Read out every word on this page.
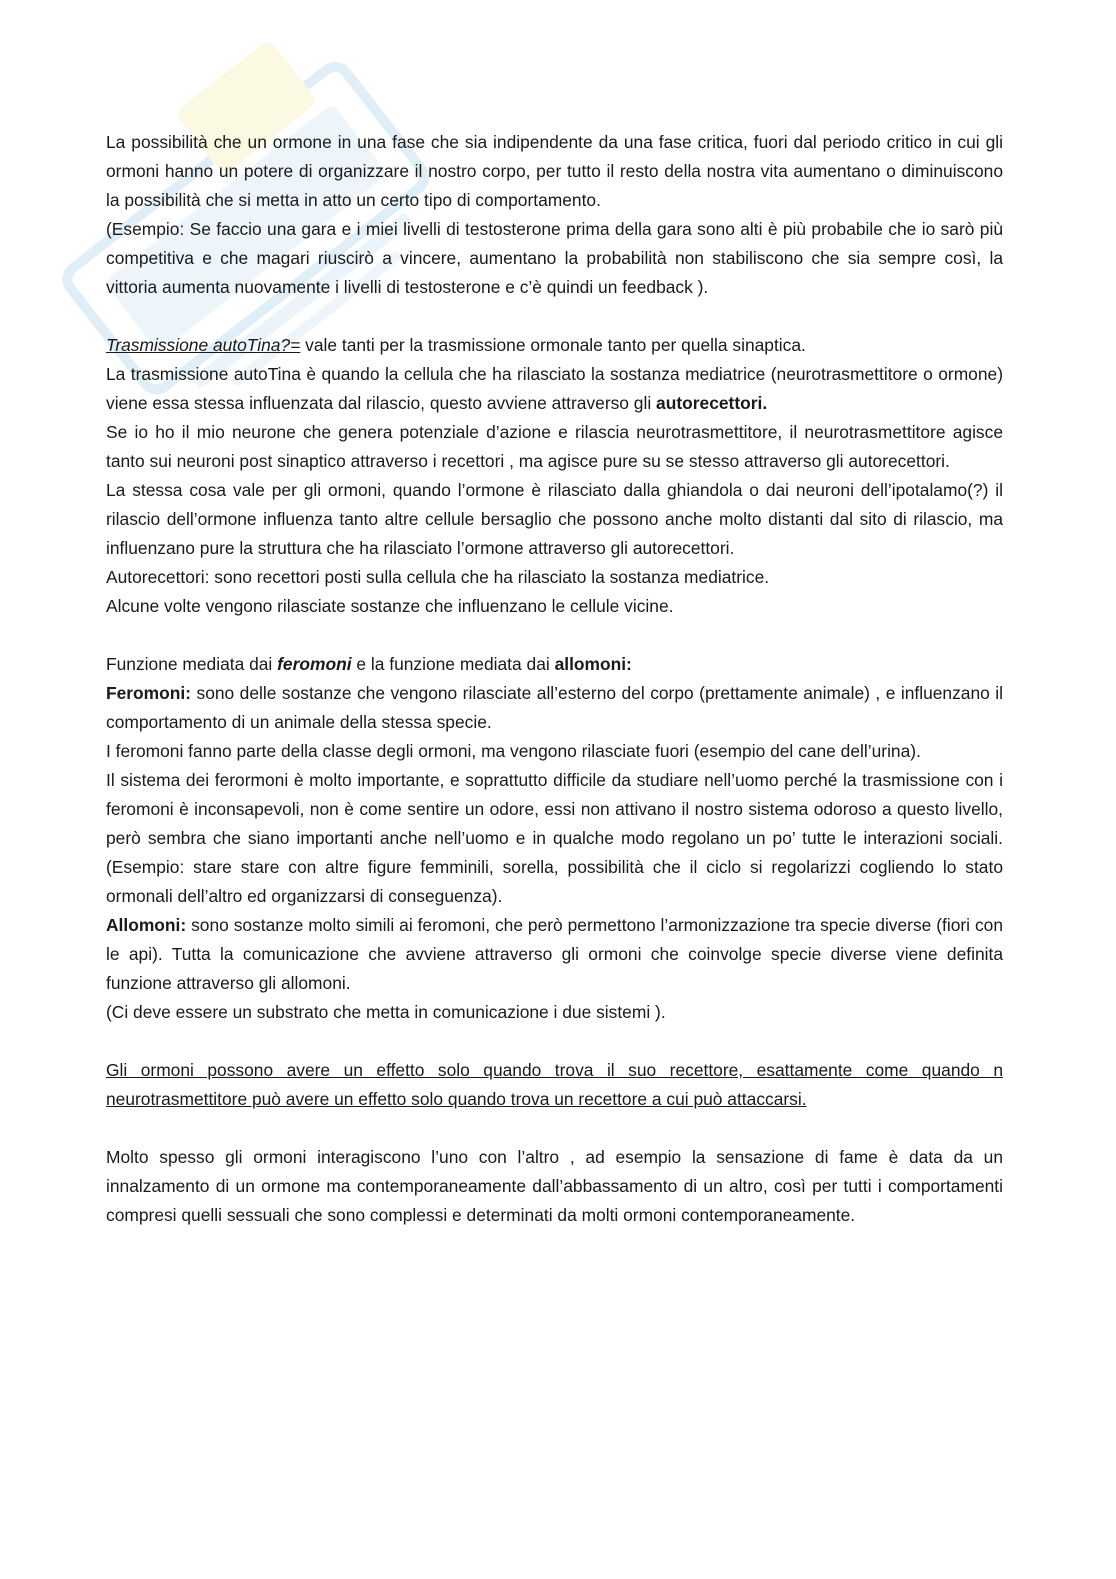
La possibilità che un ormone in una fase che sia indipendente da una fase critica, fuori dal periodo critico in cui gli ormoni hanno un potere di organizzare il nostro corpo, per tutto il resto della nostra vita aumentano o diminuiscono la possibilità che si metta in atto un certo tipo di comportamento.

(Esempio: Se faccio una gara e i miei livelli di testosterone prima della gara sono alti è più probabile che io sarò più competitiva e che magari riuscirò a vincere, aumentano la probabilità non stabiliscono che sia sempre così, la vittoria aumenta nuovamente i livelli di testosterone e c’è quindi un feedback ).

Trasmissione autoTina?= vale tanti per la trasmissione ormonale tanto per quella sinaptica.

La trasmissione autoTina è quando la cellula che ha rilasciato la sostanza mediatrice (neurotrasmettitore o ormone) viene essa stessa influenzata dal rilascio, questo avviene attraverso gli autorecettori.

Se io ho il mio neurone che genera potenziale d’azione e rilascia neurotrasmettitore, il neurotrasmettitore agisce tanto sui neuroni post sinaptico attraverso i recettori , ma agisce pure su se stesso attraverso gli autorecettori.

La stessa cosa vale per gli ormoni, quando l’ormone è rilasciato dalla ghiandola o dai neuroni dell’ipotalamo(?) il rilascio dell’ormone influenza tanto altre cellule bersaglio che possono anche molto distanti dal sito di rilascio, ma influenzano pure la struttura che ha rilasciato l’ormone attraverso gli autorecettori.

Autorecettori: sono recettori posti sulla cellula che ha rilasciato la sostanza mediatrice.

Alcune volte vengono rilasciate sostanze che influenzano le cellule vicine.

Funzione mediata dai feromoni e la funzione mediata dai allomoni:

Feromoni: sono delle sostanze che vengono rilasciate all’esterno del corpo (prettamente animale) , e influenzano il comportamento di un animale della stessa specie.

I feromoni fanno parte della classe degli ormoni, ma vengono rilasciate fuori (esempio del cane dell’urina).

Il sistema dei ferormoni è molto importante, e soprattutto difficile da studiare nell’uomo perché la trasmissione con i feromoni è inconsapevoli, non è come sentire un odore, essi non attivano il nostro sistema odoroso a questo livello, però sembra che siano importanti anche nell’uomo e in qualche modo regolano un po’ tutte le interazioni sociali. (Esempio: stare stare con altre figure femminili, sorella, possibilità che il ciclo si regolarizzi cogliendo lo stato ormonali dell’altro ed organizzarsi di conseguenza).

Allomoni: sono sostanze molto simili ai feromoni, che però permettono l’armonizzazione tra specie diverse (fiori con le api). Tutta la comunicazione che avviene attraverso gli ormoni che coinvolge specie diverse viene definita funzione attraverso gli allomoni.

(Ci deve essere un substrato che metta in comunicazione i due sistemi ).

Gli ormoni possono avere un effetto solo quando trova il suo recettore, esattamente come quando n neurotrasmettitore può avere un effetto solo quando trova un recettore a cui può attaccarsi.

Molto spesso gli ormoni interagiscono l’uno con l’altro , ad esempio la sensazione di fame è data da un innalzamento di un ormone ma contemporaneamente dall’abbassamento di un altro, così per tutti i comportamenti compresi quelli sessuali che sono complessi e determinati da molti ormoni contemporaneamente.
